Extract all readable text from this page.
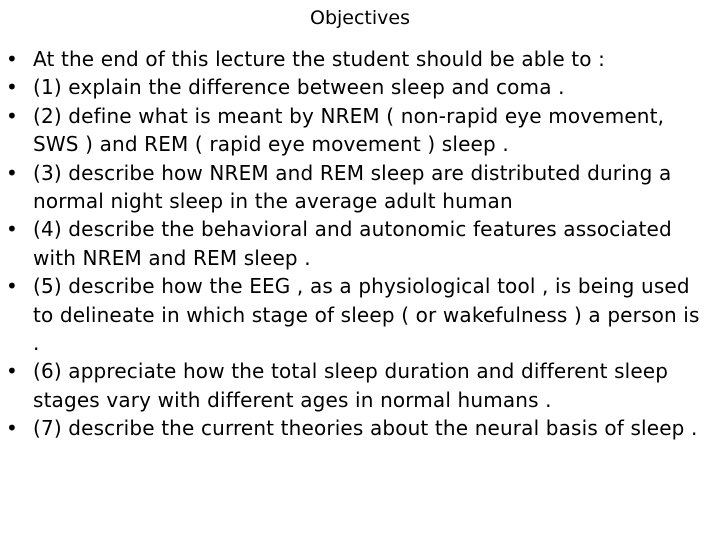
Objectives
• At the end of this lecture the student should be able to :
• (1) explain the difference between sleep and coma .
• (2) define what is meant by NREM ( non-rapid eye movement, SWS ) and REM ( rapid eye movement ) sleep .
• (3) describe how NREM and REM sleep are distributed during a normal night sleep in the average adult human
• (4) describe the behavioral and autonomic features associated with NREM and REM sleep .
• (5) describe how the EEG , as a physiological tool , is being used to delineate in which stage of sleep ( or wakefulness ) a person is .
• (6) appreciate how the total sleep duration and different sleep stages vary with different ages in normal humans .
• (7) describe the current theories about the neural basis of sleep .
